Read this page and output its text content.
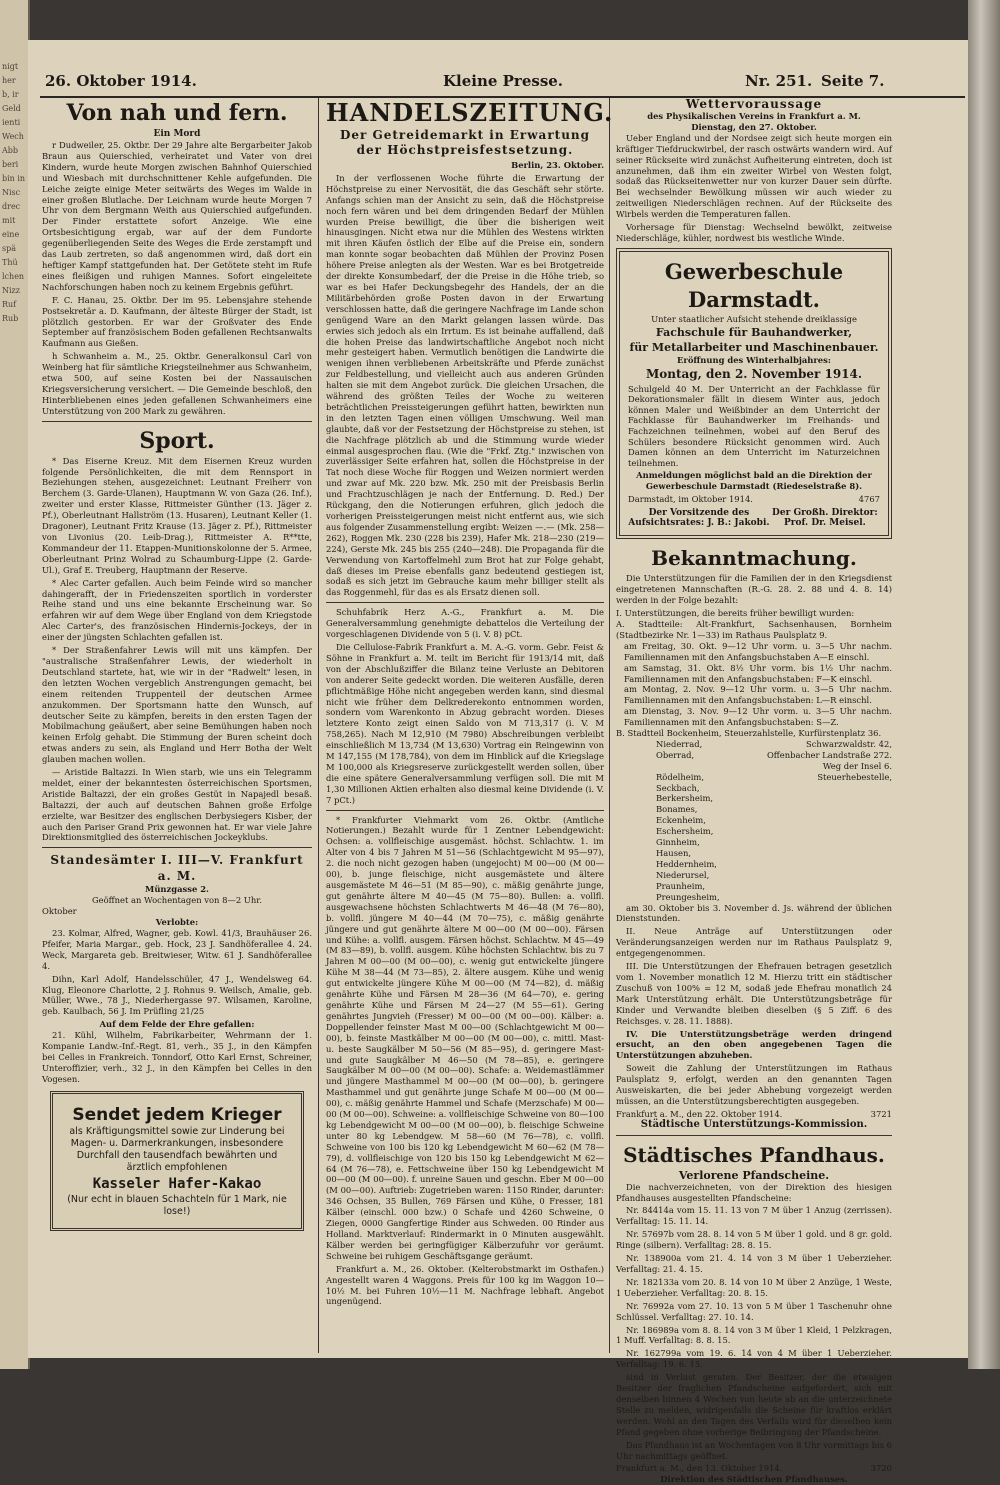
nigt
her
b, ir
Geld
ienti
Wech
Abb
beri
bin in
Nisc
drec
mit
eine
spä
Thü
lchen
Nizz
Ruf
Rub
26. Oktober 1914.	Kleine Presse.	Nr. 251. Seite 7.
Von nah und fern.
Ein Mord

r Dudweiler, 25. Oktbr. Der 29 Jahre alte Bergarbeiter Jakob Braun aus Quierschied, verheiratet und Vater von drei Kindern, wurde heute Morgen zwischen Bahnhof Quierschied und Wiesbach mit durchschnittener Kehle aufgefunden. Die Leiche zeigte einige Meter seitwärts des Weges im Walde in einer großen Blutlache. Der Leichnam wurde heute Morgen 7 Uhr von dem Bergmann Weith aus Quierschied aufgefunden. Der Finder erstattete sofort Anzeige. Wie eine Ortsbesichtigung ergab, war auf der dem Fundorte gegenüberliegenden Seite des Weges die Erde zerstampft und das Laub zertreten, so daß angenommen wird, daß dort ein heftiger Kampf stattgefunden hat. Der Getötete steht im Rufe eines fleißigen und ruhigen Mannes. Sofort eingeleitete Nachforschungen haben noch zu keinem Ergebnis geführt.

F. C. Hanau, 25. Oktbr. Der im 95. Lebensjahre stehende Postsekretär a. D. Kaufmann, der älteste Bürger der Stadt, ist plötzlich gestorben. Er war der Großvater des Ende September auf französischem Boden gefallenen Rechtsanwalts Kaufmann aus Gießen.

h Schwanheim a. M., 25. Oktbr. Generalkonsul Carl von Weinberg hat für sämtliche Kriegsteilnehmer aus Schwanheim, etwa 500, auf seine Kosten bei der Nassauischen Kriegsversicherung versichert. — Die Gemeinde beschloß, den Hinterbliebenen eines jeden gefallenen Schwanheimers eine Unterstützung von 200 Mark zu gewähren.

Sport.

* Das Eiserne Kreuz. Mit dem Eisernen Kreuz wurden folgende Persönlichkeiten, die mit dem Rennsport in Beziehungen stehen, ausgezeichnet: Leutnant Freiherr von Berchem (3. Garde-Ulanen), Hauptmann W. von Gaza (26. Inf.), zweiter und erster Klasse, Rittmeister Günther (13. Jäger z. Pf.), Oberleutnant Hallström (13. Husaren), Leutnant Keller (1. Dragoner), Leutnant Fritz Krause (13. Jäger z. Pf.), Rittmeister von Livonius (20. Leib-Drag.), Rittmeister A. R**tte, Kommandeur der 11. Etappen-Munitionskolonne der 5. Armee, Oberleutnant Prinz Wolrad zu Schaumburg-Lippe (2. Garde-Ul.), Graf E. Treuberg, Hauptmann der Reserve.

* Alec Carter gefallen. Auch beim Feinde wird so mancher dahingerafft, der in Friedenszeiten sportlich in vorderster Reihe stand und uns eine bekannte Erscheinung war. So erfahren wir auf dem Wege über England von dem Kriegstode Alec Carter's, des französischen Hindernis-Jockeys, der in einer der jüngsten Schlachten gefallen ist.

* Der Straßenfahrer Lewis will mit uns kämpfen. Der "australische Straßenfahrer Lewis, der wiederholt in Deutschland startete, hat, wie wir in der "Radwelt" lesen, in den letzten Wochen vergeblich Anstrengungen gemacht, bei einem reitenden Truppenteil der deutschen Armee anzukommen. Der Sportsmann hatte den Wunsch, auf deutscher Seite zu kämpfen, bereits in den ersten Tagen der Mobilmachung geäußert, aber seine Bemühungen haben noch keinen Erfolg gehabt. Die Stimmung der Buren scheint doch etwas anders zu sein, als England und Herr Botha der Welt glauben machen wollen.

— Aristide Baltazzi. In Wien starb, wie uns ein Telegramm meldet, einer der bekanntesten österreichischen Sportsmen, Aristide Baltazzi, der ein großes Gestüt in Napajedl besaß. Baltazzi, der auch auf deutschen Bahnen große Erfolge erzielte, war Besitzer des englischen Derbysiegers Kisber, der auch den Pariser Grand Prix gewonnen hat. Er war viele Jahre Direktionsmitglied des österreichischen Jockeyklubs.

Standesämter I. III—V. Frankfurt a. M.
Münzgasse 2.
Geöffnet an Wochentagen von 8—2 Uhr.
Oktober
Verlobte:

23. Kolmar, Alfred, Wagner, geb. Kowl. 41/3, Brauhäuser 26. Pfeifer, Maria Margar., geb. Hock, 23 J. Sandhöferallee 4. 24. Weck, Margareta geb. Breitwieser, Witw. 61 J. Sandhöferallee 4.

Dihn, Karl Adolf, Handelsschüler, 47 J., Wendelsweg 64. Klug, Eleonore Charlotte, 2 J. Rohnus 9. Weilsch, Amalie, geb. Müller, Wwe., 78 J., Niederhergasse 97. Wilsamen, Karoline, geb. Kaulbach, 56 J. Im Prüfling 21/25

Auf dem Felde der Ehre gefallen:

21. Kühl, Wilhelm, Fabrikarbeiter, Wehrmann der 1. Kompanie Landw.-Inf.-Regt. 81, verh., 35 J., in den Kämpfen bei Celles in Frankreich. Tonndorf, Otto Karl Ernst, Schreiner, Unteroffizier, verh., 32 J., in den Kämpfen bei Celles in den Vogesen.

Sendet jedem Krieger
als Kräftigungsmittel sowie zur Linderung bei Magen- u. Darmerkrankungen, insbesondere Durchfall den tausendfach bewährten und ärztlich empfohlenen
Kasseler Hafer-Kakao
(Nur echt in blauen Schachteln für 1 Mark, nie lose!)
HANDELSZEITUNG.
Der Getreidemarkt in Erwartung
der Höchstpreisfestsetzung.
Berlin, 23. Oktober.

In der verflossenen Woche führte die Erwartung der Höchstpreise zu einer Nervosität, die das Geschäft sehr störte. Anfangs schien man der Ansicht zu sein, daß die Höchstpreise noch fern wären und bei dem dringenden Bedarf der Mühlen wurden Preise bewilligt, die über die bisherigen weit hinausgingen. Nicht etwa nur die Mühlen des Westens wirkten mit ihren Käufen östlich der Elbe auf die Preise ein, sondern man konnte sogar beobachten daß Mühlen der Provinz Posen höhere Preise anlegten als der Westen. War es bei Brotgetreide der direkte Konsumbedarf, der die Preise in die Höhe trieb, so war es bei Hafer Deckungsbegehr des Handels, der an die Militärbehörden große Posten davon in der Erwartung verschlossen hatte, daß die geringere Nachfrage im Lande schon genügend Ware an den Markt gelangen lassen würde. Das erwies sich jedoch als ein Irrtum. Es ist beinahe auffallend, daß die hohen Preise das landwirtschaftliche Angebot noch nicht mehr gesteigert haben. Vermutlich benötigen die Landwirte die wenigen ihnen verbliebenen Arbeitskräfte und Pferde zunächst zur Feldbestellung, und vielleicht auch aus anderen Gründen halten sie mit dem Angebot zurück. Die gleichen Ursachen, die während des größten Teiles der Woche zu weiteren beträchtlichen Preissteigerungen geführt hatten, bewirkten nun in den letzten Tagen einen völligen Umschwung. Weil man glaubte, daß vor der Festsetzung der Höchstpreise zu stehen, ist die Nachfrage plötzlich ab und die Stimmung wurde wieder einmal ausgesprochen flau. (Wie die "Frkf. Ztg." inzwischen von zuverlässiger Seite erfahren hat, sollen die Höchstpreise in der Tat noch diese Woche für Roggen und Weizen normiert werden und zwar auf Mk. 220 bzw. Mk. 250 mit der Preisbasis Berlin und Frachtzuschlägen je nach der Entfernung. D. Red.) Der Rückgang, den die Notierungen erfuhren, glich jedoch die vorherigen Preissteigerungen meist nicht entfernt aus, wie sich aus folgender Zusammenstellung ergibt: Weizen —.— (Mk. 258—262), Roggen Mk. 230 (228 bis 239), Hafer Mk. 218—230 (219—224), Gerste Mk. 245 bis 255 (240—248). Die Propaganda für die Verwendung von Kartoffelmehl zum Brot hat zur Folge gehabt, daß dieses im Preise ebenfalls ganz bedeutend gestiegen ist, sodaß es sich jetzt im Gebrauche kaum mehr billiger stellt als das Roggenmehl, für das es als Ersatz dienen soll.

Schuhfabrik Herz A.-G., Frankfurt a. M. Die Generalversammlung genehmigte debattelos die Verteilung der vorgeschlagenen Dividende von 5 (i. V. 8) pCt.

Die Cellulose-Fabrik Frankfurt a. M. A.-G. vorm. Gebr. Feist & Söhne in Frankfurt a. M. teilt im Bericht für 1913/14 mit, daß von der Abschlußziffer die Bilanz teine Verluste an Debitoren von anderer Seite gedeckt worden. Die weiteren Ausfälle, deren pflichtmäßige Höhe nicht angegeben werden kann, sind diesmal nicht wie früher dem Delkrederekonto entnommen worden, sondern vom Warenkonto in Abzug gebracht worden. Dieses letztere Konto zeigt einen Saldo von M 713,317 (i. V. M 758,265). Nach M 12,910 (M 7980) Abschreibungen verbleibt einschließlich M 13,734 (M 13,630) Vortrag ein Reingewinn von M 147,155 (M 178,784), von dem im Hinblick auf die Kriegslage M 100,000 als Kriegsreserve zurückgestellt werden sollen, über die eine spätere Generalversammlung verfügen soll. Die mit M 1,30 Millionen Aktien erhalten also diesmal keine Dividende (i. V. 7 pCt.)

* Frankfurter Viehmarkt vom 26. Oktbr. (Amtliche Notierungen.) Bezahlt wurde für 1 Zentner Lebendgewicht: Ochsen: a. vollfleischige ausgemäst. höchst. Schlachtw. 1. im Alter von 4 bis 7 Jahren M 51—56 (Schlachtgewicht M 95—97), 2. die noch nicht gezogen haben (ungejocht) M 00—00 (M 00—00), b. junge fleischige, nicht ausgemästete und ältere ausgemästete M 46—51 (M 85—90), c. mäßig genährte junge, gut genährte ältere M 40—45 (M 75—80). Bullen: a. vollfl. ausgewachsene höchsten Schlachtwerts M 46—48 (M 76—80), b. vollfl. jüngere M 40—44 (M 70—75), c. mäßig genährte jüngere und gut genährte ältere M 00—00 (M 00—00). Färsen und Kühe: a. vollfl. ausgem. Färsen höchst. Schlachtw. M 45—49 (M 83—89), b. vollfl. ausgem. Kühe höchsten Schlachtw. bis zu 7 Jahren M 00—00 (M 00—00), c. wenig gut entwickelte jüngere Kühe M 38—44 (M 73—85), 2. ältere ausgem. Kühe und wenig gut entwickelte jüngere Kühe M 00—00 (M 74—82), d. mäßig genährte Kühe und Färsen M 28—36 (M 64—70), e. gering genährte Kühe und Färsen M 24—27 (M 55—61). Gering genährtes Jungvieh (Fresser) M 00—00 (M 00—00). Kälber: a. Doppellender feinster Mast M 00—00 (Schlachtgewicht M 00—00), b. feinste Mastkälber M 00—00 (M 00—00), c. mittl. Mast- u. beste Saugkälber M 50—56 (M 85—95), d. geringere Mast- und gute Saugkälber M 46—50 (M 78—85), e. geringere Saugkälber M 00—00 (M 00—00). Schafe: a. Weidemastlämmer und jüngere Masthammel M 00—00 (M 00—00), b. geringere Masthammel und gut genährte junge Schafe M 00—00 (M 00—00), c. mäßig genährte Hammel und Schafe (Merzschafe) M 00—00 (M 00—00). Schweine: a. vollfleischige Schweine von 80—100 kg Lebendgewicht M 00—00 (M 00—00), b. fleischige Schweine unter 80 kg Lebendgew. M 58—60 (M 76—78), c. vollfl. Schweine von 100 bis 120 kg Lebendgewicht M 60—62 (M 78—79), d. vollfleischige von 120 bis 150 kg Lebendgewicht M 62—64 (M 76—78), e. Fettschweine über 150 kg Lebendgewicht M 00—00 (M 00—00). f. unreine Sauen und geschn. Eber M 00—00 (M 00—00). Auftrieb: Zugetrieben waren: 1150 Rinder, darunter: 346 Ochsen, 35 Bullen, 769 Färsen und Kühe, 0 Fresser, 181 Kälber (einschl. 000 bzw.) 0 Schafe und 4260 Schweine, 0 Ziegen, 0000 Gangfertige Rinder aus Schweden. 00 Rinder aus Holland. Marktverlauf: Rindermarkt in 0 Minuten ausgewählt. Kälber werden bei geringfügiger Kälberzufuhr vor geräumt. Schweine bei ruhigem Geschäftsgange geräumt.

Frankfurt a. M., 26. Oktober. (Kelterobstmarkt im Osthafen.) Angestellt waren 4 Waggons. Preis für 100 kg im Waggon 10—10½ M. bei Fuhren 10½—11 M. Nachfrage lebhaft. Angebot ungenügend.

Wettervoraussage
des Physikalischen Vereins in Frankfurt a. M.
Dienstag, den 27. Oktober.

Ueber England und der Nordsee zeigt sich heute morgen ein kräftiger Tiefdruckwirbel, der rasch ostwärts wandern wird. Auf seiner Rückseite wird zunächst Aufheiterung eintreten, doch ist anzunehmen, daß ihm ein zweiter Wirbel von Westen folgt, sodaß das Rückseitenwetter nur von kurzer Dauer sein dürfte. Bei wechselnder Bewölkung müssen wir auch wieder zu zeitweiligen Niederschlägen rechnen. Auf der Rückseite des Wirbels werden die Temperaturen fallen.

Vorhersage für Dienstag: Wechselnd bewölkt, zeitweise Niederschläge, kühler, nordwest bis westliche Winde.

Gewerbeschule Darmstadt.
Unter staatlicher Aufsicht stehende dreiklassige
Fachschule für Bauhandwerker,
für Metallarbeiter und Maschinenbauer.
Eröffnung des Winterhalbjahres:
Montag, den 2. November 1914.

Schulgeld 40 M. Der Unterricht an der Fachklasse für Dekorationsmaler fällt in diesem Winter aus, jedoch können Maler und Weißbinder an dem Unterricht der Fachklasse für Bauhandwerker im Freihands- und Fachzeichnen teilnehmen, wobei auf den Beruf des Schülers besondere Rücksicht genommen wird. Auch Damen können an dem Unterricht im Naturzeichnen teilnehmen.

Anmeldungen möglichst bald an die Direktion der Gewerbeschule Darmstadt (Riedeselstraße 8).

Darmstadt, im Oktober 1914.	4767
Der Vorsitzende des Aufsichtsrates: J. B.: Jakobi.
Der Großh. Direktor: Prof. Dr. Meisel.
Bekanntmachung.

Die Unterstützungen für die Familien der in den Kriegsdienst eingetretenen Mannschaften (R.-G. 28. 2. 88 und 4. 8. 14) werden in der Folge bezahlt:

I. Unterstützungen, die bereits früher bewilligt wurden:
A. Stadtteile: Alt-Frankfurt, Sachsenhausen, Bornheim (Stadtbezirke Nr. 1—33) im Rathaus Paulsplatz 9.
am Freitag, 30. Okt. 9—12 Uhr vorm. u. 3—5 Uhr nachm. Familiennamen mit den Anfangsbuchstaben A—E einschl.
am Samstag, 31. Okt. 8½ Uhr vorm. bis 1½ Uhr nachm. Familiennamen mit den Anfangsbuchstaben: F—K einschl.
am Montag, 2. Nov. 9—12 Uhr vorm. u. 3—5 Uhr nachm. Familiennamen mit den Anfangsbuchstaben: L—R einschl.
am Dienstag, 3. Nov. 9—12 Uhr vorm. u. 3—5 Uhr nachm. Familiennamen mit den Anfangsbuchstaben: S—Z.
B. Stadtteil Bockenheim, Steuerzahlstelle, Kurfürstenplatz 36.
Niederrad,	Schwarzwaldstr. 42,
Oberrad,	Offenbacher Landstraße 272.
Weg der Insel 6.
Rödelheim,	Steuerhebestelle,
Seckbach,
Berkersheim,
Bonames,
Eckenheim,
Eschersheim,
Ginnheim,
Hausen,
Heddernheim,
Niederursel,
Praunheim,
Preungesheim,

am 30. Oktober bis 3. November d. Js. während der üblichen Dienststunden.

II. Neue Anträge auf Unterstützungen oder Veränderungsanzeigen werden nur im Rathaus Paulsplatz 9, entgegengenommen.

III. Die Unterstützungen der Ehefrauen betragen gesetzlich vom 1. November monatlich 12 M. Hierzu tritt ein städtischer Zuschuß von 100% = 12 M, sodaß jede Ehefrau monatlich 24 Mark Unterstützung erhält. Die Unterstützungsbeträge für Kinder und Verwandte bleiben dieselben (§ 5 Ziff. 6 des Reichsges. v. 28. 11. 1888).

IV. Die Unterstützungsbeträge werden dringend ersucht, an den oben angegebenen Tagen die Unterstützungen abzuheben.

Soweit die Zahlung der Unterstützungen im Rathaus Paulsplatz 9, erfolgt, werden an den genannten Tagen Ausweiskarten, die bei jeder Abhebung vorgezeigt werden müssen, an die Unterstützungsberechtigten ausgegeben.

Frankfurt a. M., den 22. Oktober 1914.	3721
Städtische Unterstützungs-Kommission.
Städtisches Pfandhaus.
Verlorene Pfandscheine.

Die nachverzeichneten, von der Direktion des hiesigen Pfandhauses ausgestellten Pfandscheine:

Nr. 84414a vom 15. 11. 13 von 7 M über 1 Anzug (zerrissen). Verfalltag: 15. 11. 14.

Nr. 57697b vom 28. 8. 14 von 5 M über 1 gold. und 8 gr. gold. Ringe (silbern). Verfalltag: 28. 8. 15.

Nr. 138900a vom 21. 4. 14 von 3 M über 1 Ueberzieher. Verfalltag: 21. 4. 15.

Nr. 182133a vom 20. 8. 14 von 10 M über 2 Anzüge, 1 Weste, 1 Ueberzieher. Verfalltag: 20. 8. 15.

Nr. 76992a vom 27. 10. 13 von 5 M über 1 Taschenuhr ohne Schlüssel. Verfalltag: 27. 10. 14.

Nr. 186989a vom 8. 8. 14 von 3 M über 1 Kleid, 1 Pelzkragen, 1 Muff. Verfalltag: 8. 8. 15.

Nr. 162799a vom 19. 6. 14 von 4 M über 1 Ueberzieher. Verfalltag: 19. 6. 15.

sind in Verlust geraten. Der Besitzer, der die etwaigen Besitzer der fraglichen Pfandscheine aufgefordert, sich mit denselben binnen 4 Wochen von heute ab an die unterzeichnete Stelle zu melden, widrigenfalls die Scheine für kraftlos erklärt werden. Wohl an den Tagen des Verfalls wird für dieselben kein Pfand gegeben ohne vorherige Beibringung der Pfandscheine.

Das Pfandhaus ist an Wochentagen von 8 Uhr vormittags bis 6 Uhr nachmittags geöffnet.

Frankfurt a. M., den 13. Oktober 1914.	3720
Direktion des Städtischen Pfandhauses.
